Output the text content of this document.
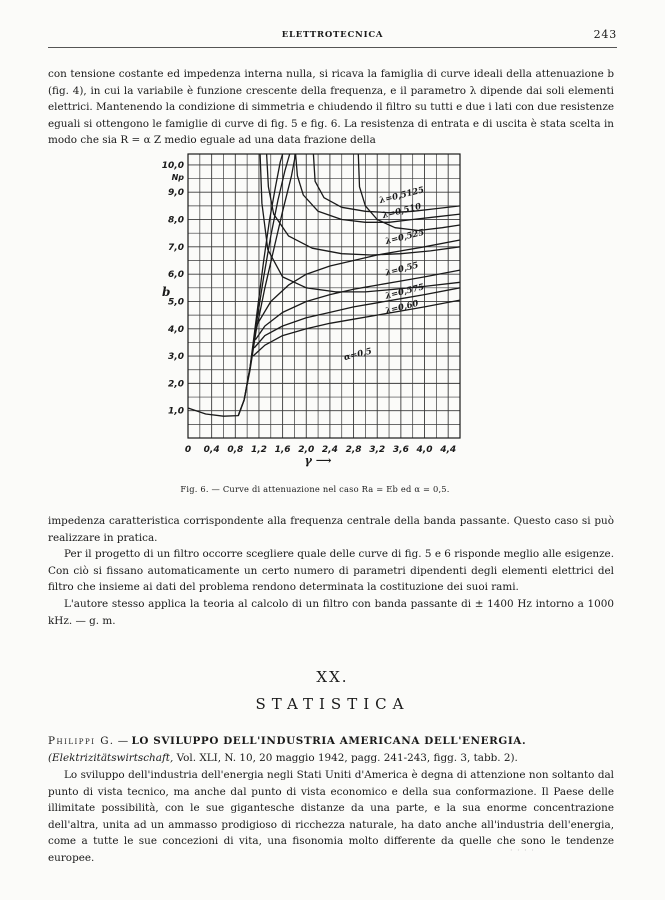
ELETTROTECNICA	243

con tensione costante ed impedenza interna nulla, si ricava la famiglia di curve ideali della attenuazione b (fig. 4), in cui la variabile è funzione crescente della frequenza, e il parametro λ dipende dai soli elementi elettrici. Mantenendo la condizione di simmetria e chiudendo il filtro su tutti e due i lati con due resistenze eguali si ottengono le famiglie di curve di fig. 5 e fig. 6. La resistenza di entrata e di uscita è stata scelta in modo che sia R = α Z medio eguale ad una data frazione della

0 0,4 0,8 1,2 1,6 2,0 2,4 2,8 3,2 3,6 4,0 4,4
1,0
2,0
3,0
4,0
5,0
6,0
7,0
8,0
9,0
10,0
Np
b
γ ⟶
λ=0,5125
λ=0,510
λ=0,525
λ=0,55
λ=0,575
λ=0,60
α=0,5
Fig. 6. — Curve di attenuazione nel caso Ra = Eb ed α = 0,5.

impedenza caratteristica corrispondente alla frequenza centrale della banda passante. Questo caso si può realizzare in pratica.

Per il progetto di un filtro occorre scegliere quale delle curve di fig. 5 e 6 risponde meglio alle esigenze. Con ciò si fissano automaticamente un certo numero di parametri dipendenti degli elementi elettrici del filtro che insieme ai dati del problema rendono determinata la costituzione dei suoi rami.

L'autore stesso applica la teoria al calcolo di un filtro con banda passante di ± 1400 Hz intorno a 1000 kHz. — g. m.

XX.
STATISTICA

Philippi G. — LO SVILUPPO DELL'INDUSTRIA AMERICANA DELL'ENERGIA.
(Elektrizitätswirtschaft, Vol. XLI, N. 10, 20 maggio 1942, pagg. 241-243, figg. 3, tabb. 2).

Lo sviluppo dell'industria dell'energia negli Stati Uniti d'America è degna di attenzione non soltanto dal punto di vista tecnico, ma anche dal punto di vista economico e della sua conformazione. Il Paese delle illimitate possibilità, con le sue gigantesche distanze da una parte, e la sua enorme concentrazione dell'altra, unita ad un ammasso prodigioso di ricchezza naturale, ha dato anche all'industria dell'energia, come a tutte le sue concezioni di vita, una fisonomia molto differente da quelle che sono le tendenze europee.

· · · ·
